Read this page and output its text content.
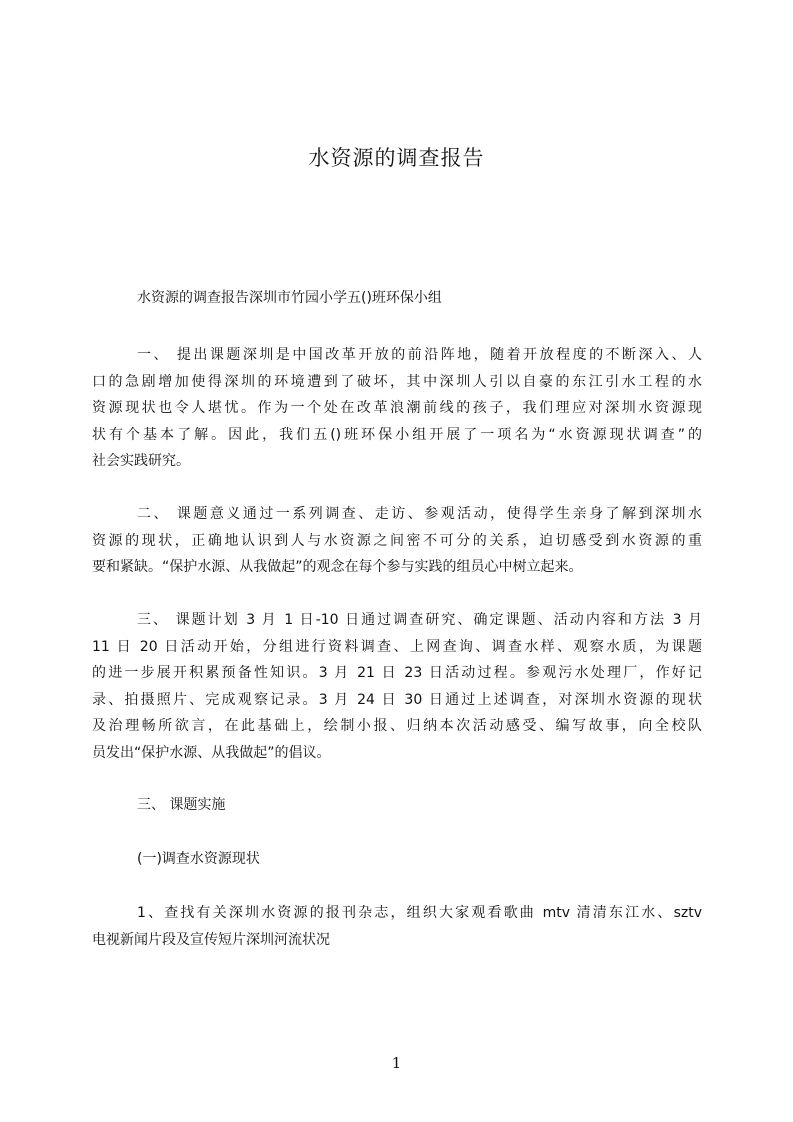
水资源的调查报告
水资源的调查报告深圳市竹园小学五()班环保小组
一、 提出课题深圳是中国改革开放的前沿阵地，随着开放程度的不断深入、人
口的急剧增加使得深圳的环境遭到了破坏，其中深圳人引以自豪的东江引水工程的水
资源现状也令人堪忧。作为一个处在改革浪潮前线的孩子，我们理应对深圳水资源现
状有个基本了解。因此，我们五()班环保小组开展了一项名为“水资源现状调查”的
社会实践研究。
二、 课题意义通过一系列调查、走访、参观活动，使得学生亲身了解到深圳水
资源的现状，正确地认识到人与水资源之间密不可分的关系，迫切感受到水资源的重
要和紧缺。“保护水源、从我做起”的观念在每个参与实践的组员心中树立起来。
三、 课题计划 3 月 1 日-10 日通过调查研究、确定课题、活动内容和方法 3 月
11 日 20 日活动开始，分组进行资料调查、上网查询、调查水样、观察水质，为课题
的进一步展开积累预备性知识。3 月 21 日 23 日活动过程。参观污水处理厂，作好记
录、拍摄照片、完成观察记录。3 月 24 日 30 日通过上述调查，对深圳水资源的现状
及治理畅所欲言，在此基础上，绘制小报、归纳本次活动感受、编写故事，向全校队
员发出“保护水源、从我做起”的倡议。
三、 课题实施
(一)调查水资源现状
1、查找有关深圳水资源的报刊杂志，组织大家观看歌曲 mtv 清清东江水、sztv
电视新闻片段及宣传短片深圳河流状况
1
